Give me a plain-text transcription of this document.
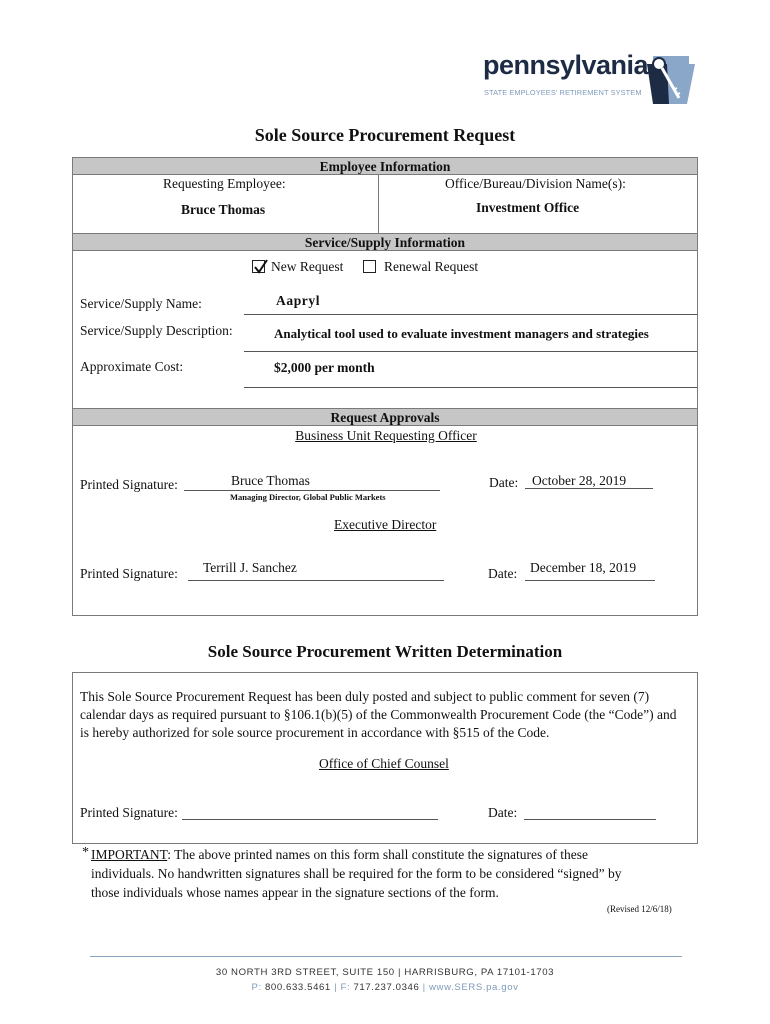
pennsylvania
STATE EMPLOYEES' RETIREMENT SYSTEM
Sole Source Procurement Request
Employee Information
Requesting Employee:
Bruce Thomas
Office/Bureau/Division Name(s):
Investment Office
Service/Supply Information
New Request	Renewal Request
Service/Supply Name:	Aapryl
Service/Supply Description:	Analytical tool used to evaluate investment managers and strategies
Approximate Cost:	$2,000 per month
Request Approvals
Business Unit Requesting Officer
Printed Signature:	Bruce Thomas
Managing Director, Global Public Markets
Date: October 28, 2019
Executive Director
Printed Signature: Terrill J. Sanchez	Date: December 18, 2019
Sole Source Procurement Written Determination
This Sole Source Procurement Request has been duly posted and subject to public comment for seven (7)
calendar days as required pursuant to §106.1(b)(5) of the Commonwealth Procurement Code (the “Code”) and
is hereby authorized for sole source procurement in accordance with §515 of the Code.
Office of Chief Counsel
Printed Signature:	Date:
* IMPORTANT: The above printed names on this form shall constitute the signatures of these
individuals. No handwritten signatures shall be required for the form to be considered “signed” by
those individuals whose names appear in the signature sections of the form.
(Revised 12/6/18)
30 NORTH 3RD STREET, SUITE 150 | HARRISBURG, PA 17101-1703
P: 800.633.5461 | F: 717.237.0346 | www.SERS.pa.gov
